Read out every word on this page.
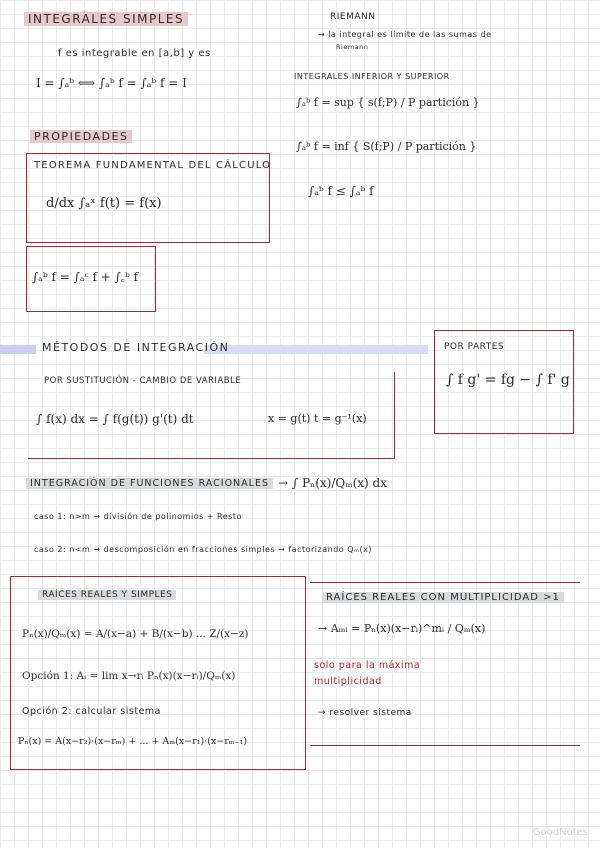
INTEGRALES SIMPLES
f es integrable en [a,b] y es
I = ∫ₐᵇ ⟺ ∫ₐᵇ f = ∫ₐᵇ f = I
RIEMANN
→ la integral es límite de las sumas de
Riemann
INTEGRALES INFERIOR Y SUPERIOR
∫ₐᵇ f = sup { s(f;P) / P partición }
∫ₐᵇ f = inf { S(f;P) / P partición }
∫ₐᵇ f ≤ ∫ₐᵇ f
PROPIEDADES
TEOREMA FUNDAMENTAL DEL CÁLCULO
d/dx ∫ₐˣ f(t) = f(x)
∫ₐᵇ f = ∫ₐᶜ f + ∫꜀ᵇ f
MÉTODOS DE INTEGRACIÓN	POR PARTES
∫ f g' = fg − ∫ f' g
POR SUSTITUCIÓN - CAMBIO DE VARIABLE
∫ f(x) dx = ∫ f(g(t)) g'(t) dt	x = g(t) t = g⁻¹(x)
INTEGRACIÓN DE FUNCIONES RACIONALES → ∫ Pₙ(x)/Qₘ(x) dx
caso 1: n>m → división de polinomios + Resto
caso 2: n<m → descomposición en fracciones simples → factorizando Qₘ(x)
RAÍCES REALES Y SIMPLES
Pₙ(x)/Qₘ(x) = A/(x−a) + B/(x−b) ... Z/(x−z)
Opción 1: Aᵢ = lim x→rᵢ Pₙ(x)(x−rᵢ)/Qₘ(x)
Opción 2: calcular sistema
Pₙ(x) = A(x−r₂)·(x−rₘ) + ... + Aₘ(x−r₁)·(x−rₘ₋₁)
RAÍCES REALES CON MULTIPLICIDAD >1
→ Aₘᵢ = Pₙ(x)(x−rᵢ)^mᵢ / Qₘ(x)
solo para la máxima
multiplicidad
→ resolver sistema
GoodNotes
